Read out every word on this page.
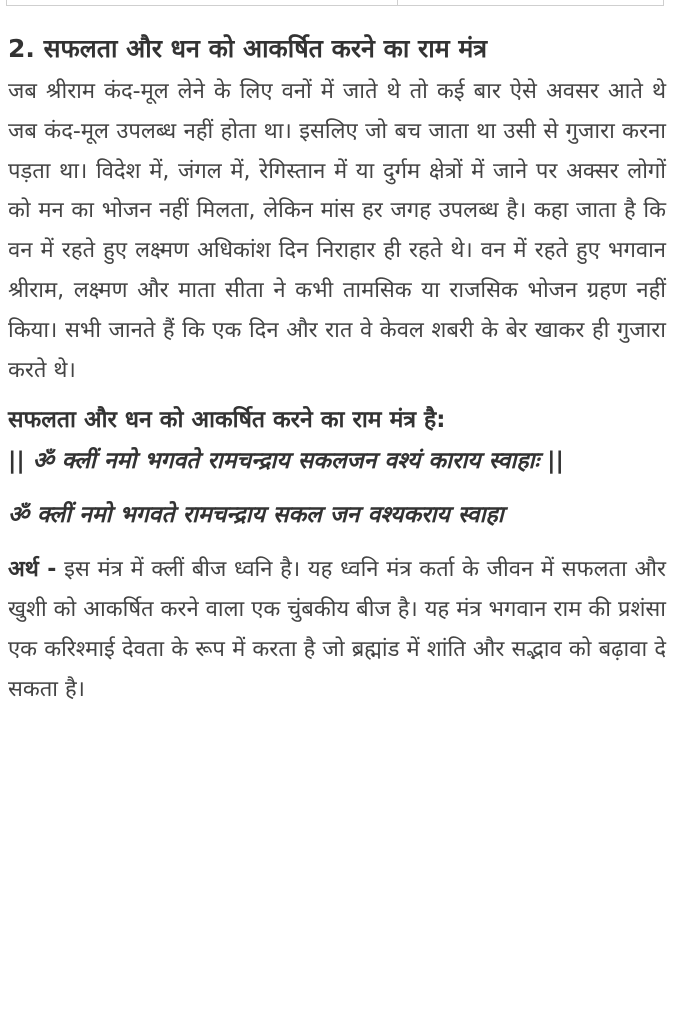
2. सफलता और धन को आकर्षित करने का राम मंत्र

जब श्रीराम कंद-मूल लेने के लिए वनों में जाते थे तो कई बार ऐसे अवसर आते थे जब कंद-मूल उपलब्ध नहीं होता था। इसलिए जो बच जाता था उसी से गुजारा करना पड़ता था। विदेश में, जंगल में, रेगिस्तान में या दुर्गम क्षेत्रों में जाने पर अक्सर लोगों को मन का भोजन नहीं मिलता, लेकिन मांस हर जगह उपलब्ध है। कहा जाता है कि वन में रहते हुए लक्ष्मण अधिकांश दिन निराहार ही रहते थे। वन में रहते हुए भगवान श्रीराम, लक्ष्मण और माता सीता ने कभी तामसिक या राजसिक भोजन ग्रहण नहीं किया। सभी जानते हैं कि एक दिन और रात वे केवल शबरी के बेर खाकर ही गुजारा करते थे।

सफलता और धन को आकर्षित करने का राम मंत्र है:

|| ॐ क्लीं नमो भगवते रामचन्द्राय सकलजन वश्यं काराय स्वाहाः ||

ॐ क्लीं नमो भगवते रामचन्द्राय सकल जन वश्यकराय स्वाहा

अर्थ - इस मंत्र में क्लीं बीज ध्वनि है। यह ध्वनि मंत्र कर्ता के जीवन में सफलता और खुशी को आकर्षित करने वाला एक चुंबकीय बीज है। यह मंत्र भगवान राम की प्रशंसा एक करिश्माई देवता के रूप में करता है जो ब्रह्मांड में शांति और सद्भाव को बढ़ावा दे सकता है।
